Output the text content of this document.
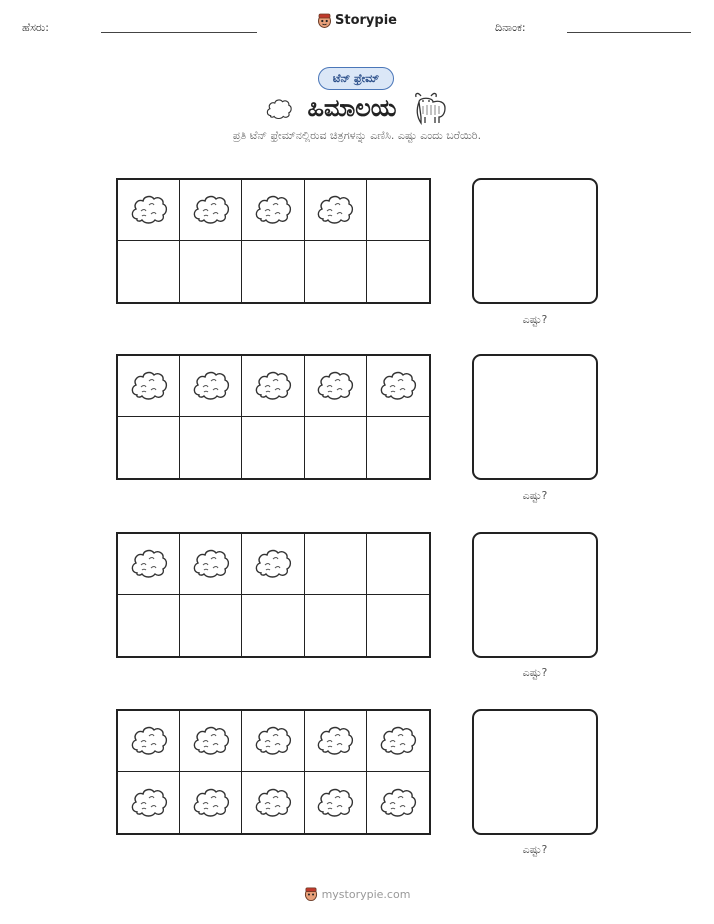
ಹೆಸರು:	Storypie	ದಿನಾಂಕ:
ಟೆನ್ ಫ್ರೇಮ್
ಹಿಮಾಲಯ
ಪ್ರತಿ ಟೆನ್ ಫ್ರೇಮ್‌ನಲ್ಲಿರುವ ಚಿತ್ರಗಳನ್ನು ಎಣಿಸಿ. ಎಷ್ಟು ಎಂದು ಬರೆಯಿರಿ.
ಎಷ್ಟು?
ಎಷ್ಟು?
ಎಷ್ಟು?
ಎಷ್ಟು?
mystorypie.com
